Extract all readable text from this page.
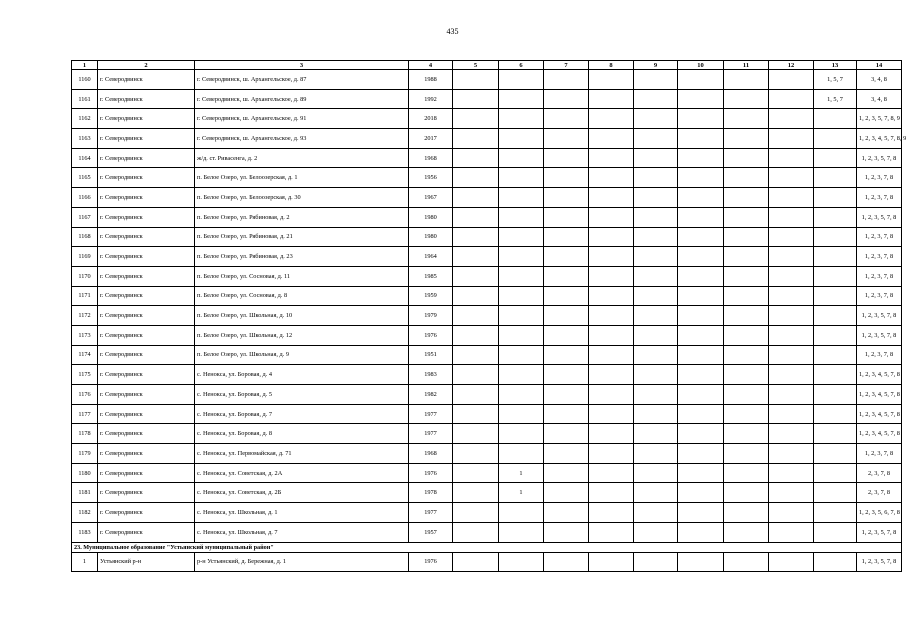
435
1	2	3	4	5	6	7	8	9	10	11	12	13	14
1160	г. Северодвинск	г. Северодвинск, ш. Архангельское, д. 87	1988									1, 5, 7	3, 4, 8
1161	г. Северодвинск	г. Северодвинск, ш. Архангельское, д. 89	1992									1, 5, 7	3, 4, 8
1162	г. Северодвинск	г. Северодвинск, ш. Архангельское, д. 91	2018										1, 2, 3, 5, 7, 8, 9
1163	г. Северодвинск	г. Северодвинск, ш. Архангельское, д. 93	2017										1, 2, 3, 4, 5, 7, 8, 9
1164	г. Северодвинск	ж/д. ст. Ривасенга, д. 2	1968										1, 2, 3, 5, 7, 8
1165	г. Северодвинск	п. Белое Озеро, ул. Белоозерская, д. 1	1956										1, 2, 3, 7, 8
1166	г. Северодвинск	п. Белое Озеро, ул. Белоозерская, д. 30	1967										1, 2, 3, 7, 8
1167	г. Северодвинск	п. Белое Озеро, ул. Рябиновая, д. 2	1980										1, 2, 3, 5, 7, 8
1168	г. Северодвинск	п. Белое Озеро, ул. Рябиновая, д. 21	1980										1, 2, 3, 7, 8
1169	г. Северодвинск	п. Белое Озеро, ул. Рябиновая, д. 23	1964										1, 2, 3, 7, 8
1170	г. Северодвинск	п. Белое Озеро, ул. Сосновая, д. 11	1985										1, 2, 3, 7, 8
1171	г. Северодвинск	п. Белое Озеро, ул. Сосновая, д. 8	1959										1, 2, 3, 7, 8
1172	г. Северодвинск	п. Белое Озеро, ул. Школьная, д. 10	1979										1, 2, 3, 5, 7, 8
1173	г. Северодвинск	п. Белое Озеро, ул. Школьная, д. 12	1976										1, 2, 3, 5, 7, 8
1174	г. Северодвинск	п. Белое Озеро, ул. Школьная, д. 9	1951										1, 2, 3, 7, 8
1175	г. Северодвинск	с. Ненокса, ул. Боровая, д. 4	1983										1, 2, 3, 4, 5, 7, 8
1176	г. Северодвинск	с. Ненокса, ул. Боровая, д. 5	1982										1, 2, 3, 4, 5, 7, 8
1177	г. Северодвинск	с. Ненокса, ул. Боровая, д. 7	1977										1, 2, 3, 4, 5, 7, 8
1178	г. Северодвинск	с. Ненокса, ул. Боровая, д. 8	1977										1, 2, 3, 4, 5, 7, 8
1179	г. Северодвинск	с. Ненокса, ул. Первомайская, д. 71	1968										1, 2, 3, 7, 8
1180	г. Северодвинск	с. Ненокса, ул. Советская, д. 2А	1976		1								2, 3, 7, 8
1181	г. Северодвинск	с. Ненокса, ул. Советская, д. 2Б	1978		1								2, 3, 7, 8
1182	г. Северодвинск	с. Ненокса, ул. Школьная, д. 1	1977										1, 2, 3, 5, 6, 7, 8
1183	г. Северодвинск	с. Ненокса, ул. Школьная, д. 7	1957										1, 2, 3, 5, 7, 8
23. Муниципальное образование "Устьянский муниципальный район"													
1	Устьянский р-н	р-н Устьянский, д. Бережная, д. 1	1976										1, 2, 3, 5, 7, 8
